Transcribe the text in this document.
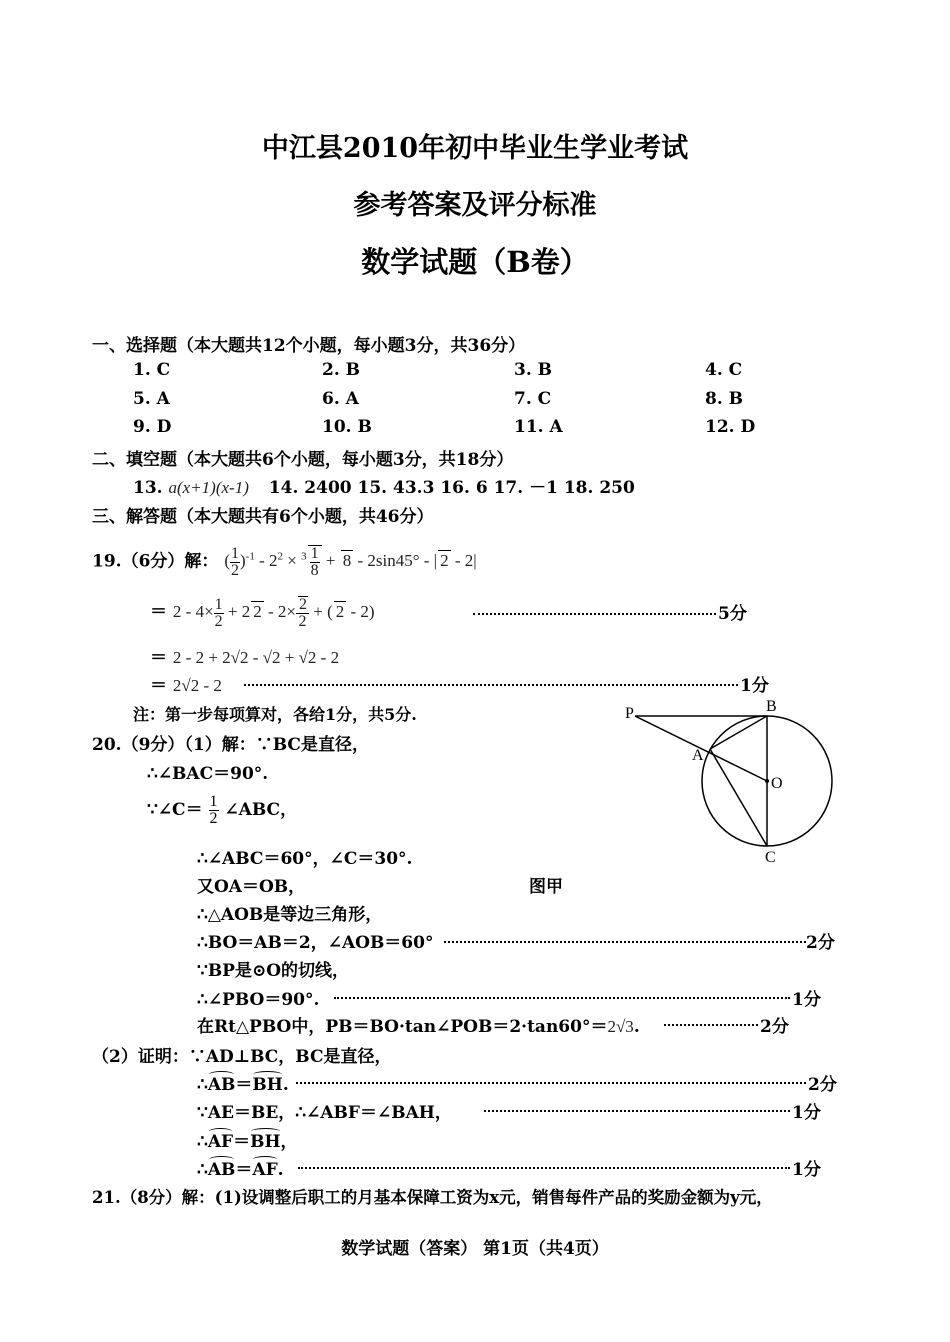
中江县2010年初中毕业生学业考试
参考答案及评分标准
数学试题（B卷）
一、选择题（本大题共12个小题，每小题3分，共36分）
1. C	2. B	3. B	4. C
5. A	6. A	7. C	8. B
9. D	10. B	11. A	12. D
二、填空题（本大题共6个小题，每小题3分，共18分）
13. a(x+1)(x-1) 14. 2400 15. 43.3 16. 6 17. －1 18. 250
三、解答题（本大题共有6个小题，共46分）
19.（6分）解： ( $\frac{1}{2} )^{-1} - 2^2 \times ^3 \frac{1}{8} + 8 - 2\sin 45^\circ$ - | 2 - 2|
＝ $2 - 4\times \frac{1}{2} + 2$ $2 - 2\times \frac{2}{2}$ + ( 2 - 2)	5分
＝ 2 - 2 + 2√2 - √2 + √2 - 2
＝ 2√2 - 2	1分
注：第一步每项算对，各给1分，共5分.	P	B
A
O
C
20.（9分）（1）解：∵BC是直径，
∴∠BAC＝90°.
∵∠C＝ $\frac{1}{2}$ ∠ABC，
∴∠ABC＝60°，∠C＝30°.
又OA＝OB，	图甲
∴△AOB是等边三角形，
∴BO＝AB＝2，∠AOB＝60°	2分
∵BP是⊙O的切线，
∴∠PBO＝90°.	1分
在Rt△PBO中，PB＝BO·tan∠POB＝2·tan60°＝2√3.	2分
（2）证明：∵AD⊥BC，BC是直径，
∴AB＝BH.	2分
∵AE＝BE，∴∠ABF＝∠BAH，	1分
∴AF＝BH，
∴AB＝AF.	1分
21.（8分）解：(1)设调整后职工的月基本保障工资为x元，销售每件产品的奖励金额为y元，
数学试题（答案） 第1页（共4页）
